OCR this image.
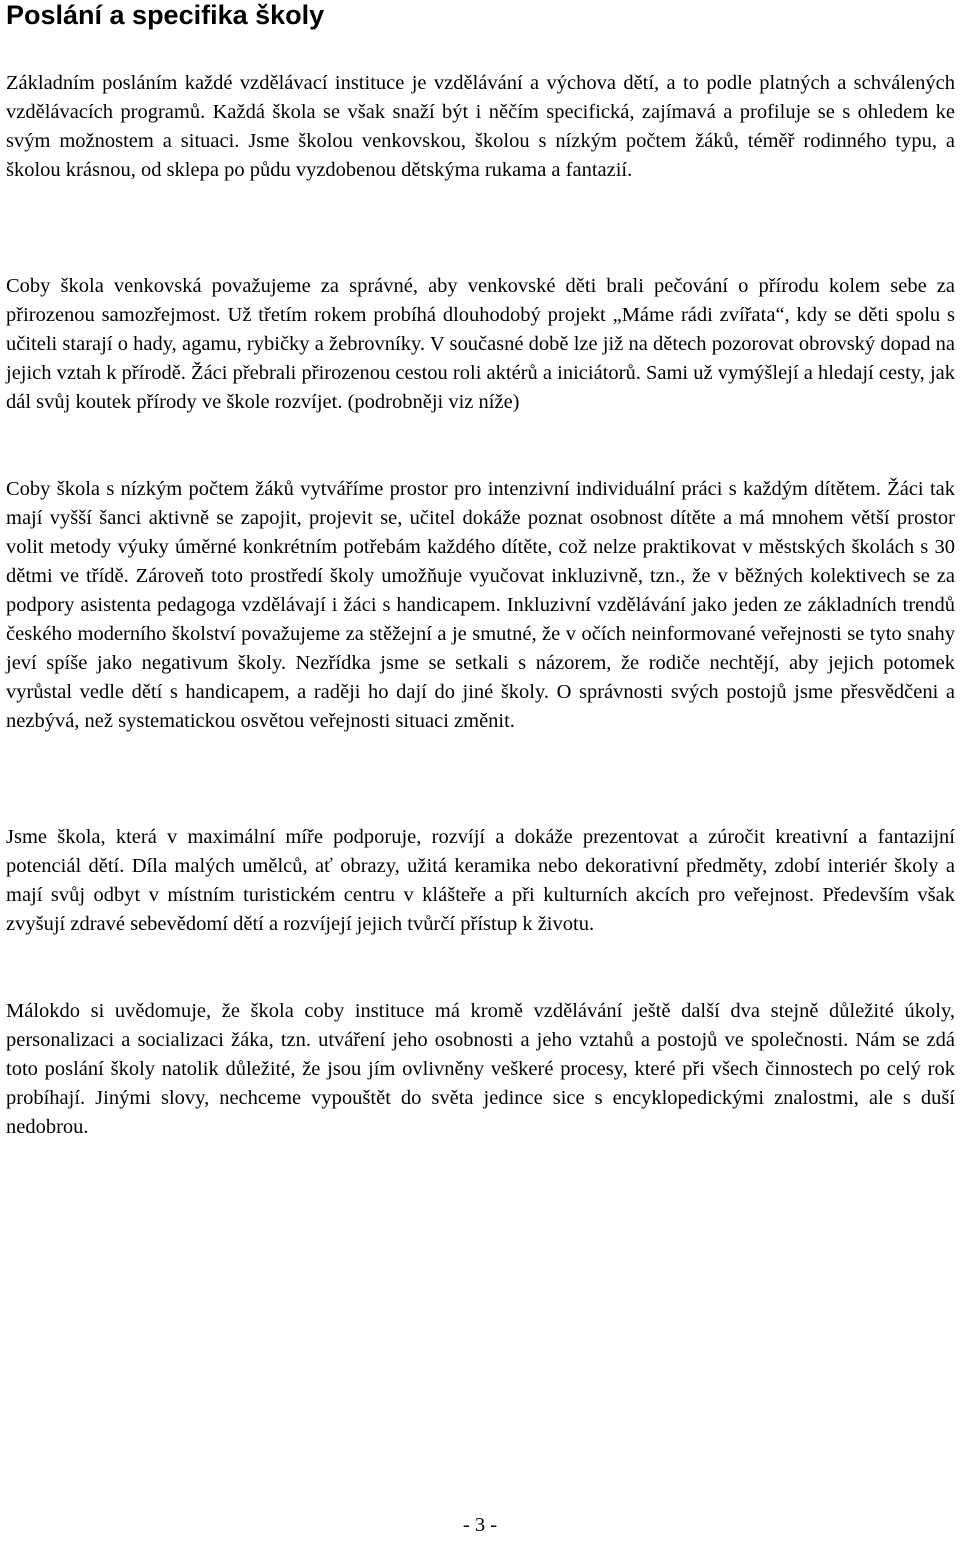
Poslání a specifika školy

Základním posláním každé vzdělávací instituce je vzdělávání a výchova dětí, a to podle platných a schválených vzdělávacích programů. Každá škola se však snaží být i něčím specifická, zajímavá a profiluje se s ohledem ke svým možnostem a situaci. Jsme školou venkovskou, školou s nízkým počtem žáků, téměř rodinného typu, a školou krásnou, od sklepa po půdu vyzdobenou dětskýma rukama a fantazií.

Coby škola venkovská považujeme za správné, aby venkovské děti brali pečování o přírodu kolem sebe za přirozenou samozřejmost. Už třetím rokem probíhá dlouhodobý projekt „Máme rádi zvířata“, kdy se děti spolu s učiteli starají o hady, agamu, rybičky a žebrovníky. V současné době lze již na dětech pozorovat obrovský dopad na jejich vztah k přírodě. Žáci přebrali přirozenou cestou roli aktérů a iniciátorů. Sami už vymýšlejí a hledají cesty, jak dál svůj koutek přírody ve škole rozvíjet. (podrobněji viz níže)

Coby škola s nízkým počtem žáků vytváříme prostor pro intenzivní individuální práci s každým dítětem. Žáci tak mají vyšší šanci aktivně se zapojit, projevit se, učitel dokáže poznat osobnost dítěte a má mnohem větší prostor volit metody výuky úměrné konkrétním potřebám každého dítěte, což nelze praktikovat v městských školách s 30 dětmi ve třídě. Zároveň toto prostředí školy umožňuje vyučovat inkluzivně, tzn., že v běžných kolektivech se za podpory asistenta pedagoga vzdělávají i žáci s handicapem. Inkluzivní vzdělávání jako jeden ze základních trendů českého moderního školství považujeme za stěžejní a je smutné, že v očích neinformované veřejnosti se tyto snahy jeví spíše jako negativum školy. Nezřídka jsme se setkali s názorem, že rodiče nechtějí, aby jejich potomek vyrůstal vedle dětí s handicapem, a raději ho dají do jiné školy. O správnosti svých postojů jsme přesvědčeni a nezbývá, než systematickou osvětou veřejnosti situaci změnit.

Jsme škola, která v maximální míře podporuje, rozvíjí a dokáže prezentovat a zúročit kreativní a fantazijní potenciál dětí. Díla malých umělců, ať obrazy, užitá keramika nebo dekorativní předměty, zdobí interiér školy a mají svůj odbyt v místním turistickém centru v klášteře a při kulturních akcích pro veřejnost. Především však zvyšují zdravé sebevědomí dětí a rozvíjejí jejich tvůrčí přístup k životu.

Málokdo si uvědomuje, že škola coby instituce má kromě vzdělávání ještě další dva stejně důležité úkoly, personalizaci a socializaci žáka, tzn. utváření jeho osobnosti a jeho vztahů a postojů ve společnosti. Nám se zdá toto poslání školy natolik důležité, že jsou jím ovlivněny veškeré procesy, které při všech činnostech po celý rok probíhají. Jinými slovy, nechceme vypouštět do světa jedince sice s encyklopedickými znalostmi, ale s duší nedobrou.

- 3 -
